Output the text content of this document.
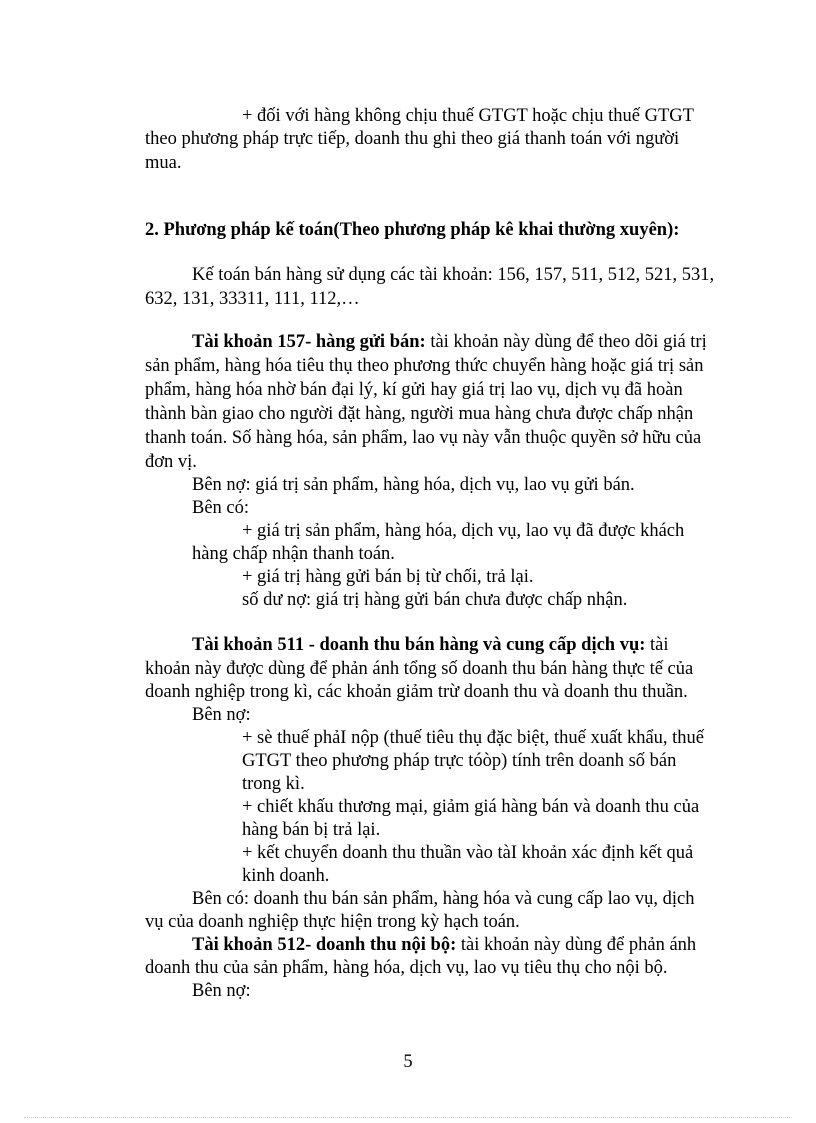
+ đối với hàng không chịu thuế GTGT hoặc chịu thuế GTGT
theo phương pháp trực tiếp, doanh thu ghi theo giá thanh toán với người
mua.
2. Phương pháp kế toán(Theo phương pháp kê khai thường xuyên):
Kế toán bán hàng sử dụng các tài khoản: 156, 157, 511, 512, 521, 531,
632, 131, 33311, 111, 112,…
Tài khoản 157- hàng gửi bán: tài khoản này dùng để theo dõi giá trị
sản phẩm, hàng hóa tiêu thụ theo phương thức chuyển hàng hoặc giá trị sản
phẩm, hàng hóa nhờ bán đại lý, kí gửi hay giá trị lao vụ, dịch vụ đã hoàn
thành bàn giao cho người đặt hàng, người mua hàng chưa được chấp nhận
thanh toán. Số hàng hóa, sản phẩm, lao vụ này vẫn thuộc quyền sở hữu của
đơn vị.
Bên nợ: giá trị sản phẩm, hàng hóa, dịch vụ, lao vụ gửi bán.
Bên có:
+ giá trị sản phẩm, hàng hóa, dịch vụ, lao vụ đã được khách
hàng chấp nhận thanh toán.
+ giá trị hàng gửi bán bị từ chối, trả lại.
số dư nợ: giá trị hàng gửi bán chưa được chấp nhận.
Tài khoản 511 - doanh thu bán hàng và cung cấp dịch vụ: tài
khoản này được dùng để phản ánh tổng số doanh thu bán hàng thực tế của
doanh nghiệp trong kì, các khoản giảm trừ doanh thu và doanh thu thuần.
Bên nợ:
+ sè thuế phảI nộp (thuế tiêu thụ đặc biệt, thuế xuất khẩu, thuế
GTGT theo phương pháp trực tóòp) tính trên doanh số bán
trong kì.
+ chiết khấu thương mại, giảm giá hàng bán và doanh thu của
hàng bán bị trả lại.
+ kết chuyển doanh thu thuần vào tàI khoản xác định kết quả
kinh doanh.
Bên có: doanh thu bán sản phẩm, hàng hóa và cung cấp lao vụ, dịch
vụ của doanh nghiệp thực hiện trong kỳ hạch toán.
Tài khoản 512- doanh thu nội bộ: tài khoản này dùng để phản ánh
doanh thu của sản phẩm, hàng hóa, dịch vụ, lao vụ tiêu thụ cho nội bộ.
Bên nợ:
5
